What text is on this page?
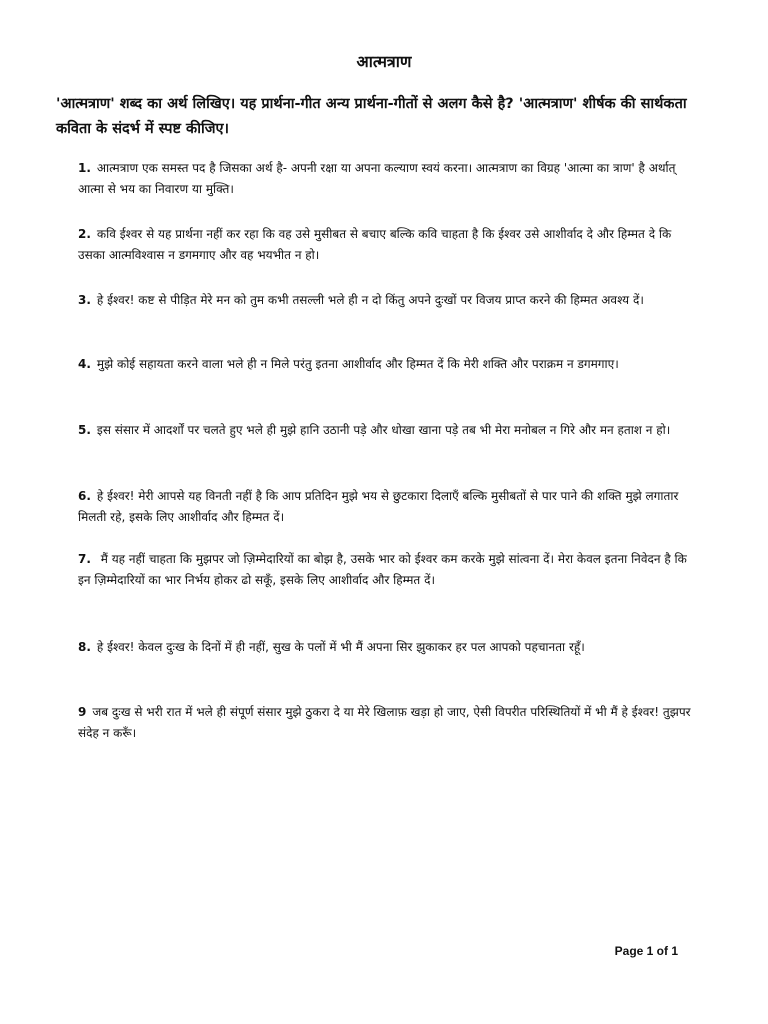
आत्मत्राण
'आत्मत्राण' शब्द का अर्थ लिखिए। यह प्रार्थना-गीत अन्य प्रार्थना-गीतों से अलग कैसे है? 'आत्मत्राण' शीर्षक की सार्थकता कविता के संदर्भ में स्पष्ट कीजिए।
1. आत्मत्राण एक समस्त पद है जिसका अर्थ है- अपनी रक्षा या अपना कल्याण स्वयं करना। आत्मत्राण का विग्रह 'आत्मा का त्राण' है अर्थात् आत्मा से भय का निवारण या मुक्ति।
2. कवि ईश्वर से यह प्रार्थना नहीं कर रहा कि वह उसे मुसीबत से बचाए बल्कि कवि चाहता है कि ईश्वर उसे आशीर्वाद दे और हिम्मत दे कि उसका आत्मविश्वास न डगमगाए और वह भयभीत न हो।
3. हे ईश्वर! कष्ट से पीड़ित मेरे मन को तुम कभी तसल्ली भले ही न दो किंतु अपने दुःखों पर विजय प्राप्त करने की हिम्मत अवश्य दें।
4. मुझे कोई सहायता करने वाला भले ही न मिले परंतु इतना आशीर्वाद और हिम्मत दें कि मेरी शक्ति और पराक्रम न डगमगाए।
5. इस संसार में आदर्शों पर चलते हुए भले ही मुझे हानि उठानी पड़े और धोखा खाना पड़े तब भी मेरा मनोबल न गिरे और मन हताश न हो।
6. हे ईश्वर! मेरी आपसे यह विनती नहीं है कि आप प्रतिदिन मुझे भय से छुटकारा दिलाएँ बल्कि मुसीबतों से पार पाने की शक्ति मुझे लगातार मिलती रहे, इसके लिए आशीर्वाद और हिम्मत दें।
7. मैं यह नहीं चाहता कि मुझपर जो ज़िम्मेदारियों का बोझ है, उसके भार को ईश्वर कम करके मुझे सांत्वना दें। मेरा केवल इतना निवेदन है कि इन ज़िम्मेदारियों का भार निर्भय होकर ढो सकूँ, इसके लिए आशीर्वाद और हिम्मत दें।
8. हे ईश्वर! केवल दुःख के दिनों में ही नहीं, सुख के पलों में भी मैं अपना सिर झुकाकर हर पल आपको पहचानता रहूँ।
9 जब दुःख से भरी रात में भले ही संपूर्ण संसार मुझे ठुकरा दे या मेरे खिलाफ़ खड़ा हो जाए, ऐसी विपरीत परिस्थितियों में भी मैं हे ईश्वर! तुझपर संदेह न करूँ।
Page 1 of 1
